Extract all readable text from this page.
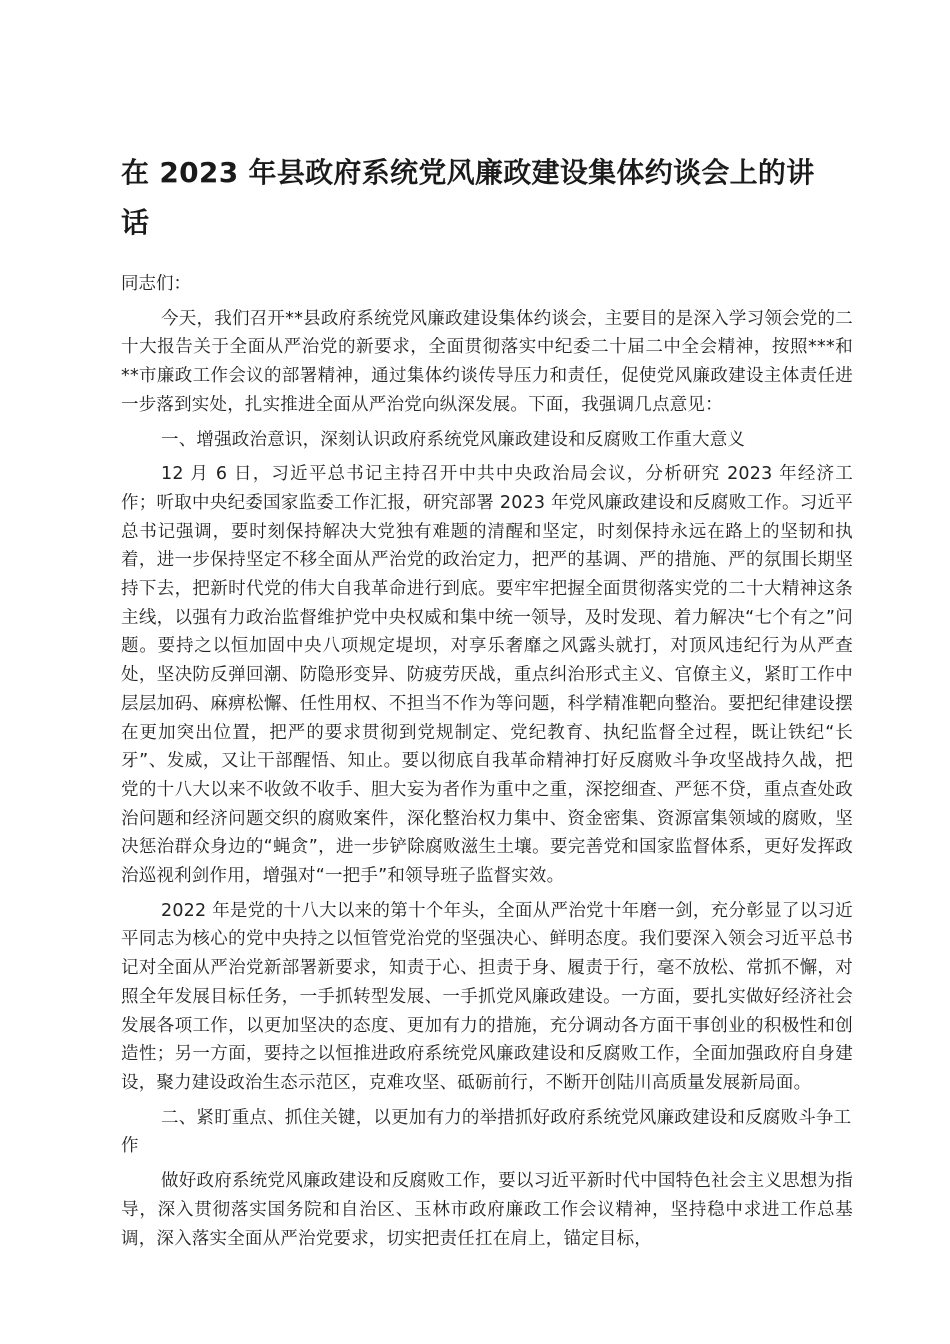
在 2023 年县政府系统党风廉政建设集体约谈会上的讲话

同志们：

今天，我们召开**县政府系统党风廉政建设集体约谈会，主要目的是深入学习领会党的二十大报告关于全面从严治党的新要求，全面贯彻落实中纪委二十届二中全会精神，按照***和**市廉政工作会议的部署精神，通过集体约谈传导压力和责任，促使党风廉政建设主体责任进一步落到实处，扎实推进全面从严治党向纵深发展。下面，我强调几点意见：

一、增强政治意识，深刻认识政府系统党风廉政建设和反腐败工作重大意义

12 月 6 日，习近平总书记主持召开中共中央政治局会议，分析研究 2023 年经济工作；听取中央纪委国家监委工作汇报，研究部署 2023 年党风廉政建设和反腐败工作。习近平总书记强调，要时刻保持解决大党独有难题的清醒和坚定，时刻保持永远在路上的坚韧和执着，进一步保持坚定不移全面从严治党的政治定力，把严的基调、严的措施、严的氛围长期坚持下去，把新时代党的伟大自我革命进行到底。要牢牢把握全面贯彻落实党的二十大精神这条主线，以强有力政治监督维护党中央权威和集中统一领导，及时发现、着力解决“七个有之”问题。要持之以恒加固中央八项规定堤坝，对享乐奢靡之风露头就打，对顶风违纪行为从严查处，坚决防反弹回潮、防隐形变异、防疲劳厌战，重点纠治形式主义、官僚主义，紧盯工作中层层加码、麻痹松懈、任性用权、不担当不作为等问题，科学精准靶向整治。要把纪律建设摆在更加突出位置，把严的要求贯彻到党规制定、党纪教育、执纪监督全过程，既让铁纪“长牙”、发威，又让干部醒悟、知止。要以彻底自我革命精神打好反腐败斗争攻坚战持久战，把党的十八大以来不收敛不收手、胆大妄为者作为重中之重，深挖细查、严惩不贷，重点查处政治问题和经济问题交织的腐败案件，深化整治权力集中、资金密集、资源富集领域的腐败，坚决惩治群众身边的“蝇贪”，进一步铲除腐败滋生土壤。要完善党和国家监督体系，更好发挥政治巡视利剑作用，增强对“一把手”和领导班子监督实效。

2022 年是党的十八大以来的第十个年头，全面从严治党十年磨一剑，充分彰显了以习近平同志为核心的党中央持之以恒管党治党的坚强决心、鲜明态度。我们要深入领会习近平总书记对全面从严治党新部署新要求，知责于心、担责于身、履责于行，毫不放松、常抓不懈，对照全年发展目标任务，一手抓转型发展、一手抓党风廉政建设。一方面，要扎实做好经济社会发展各项工作，以更加坚决的态度、更加有力的措施，充分调动各方面干事创业的积极性和创造性；另一方面，要持之以恒推进政府系统党风廉政建设和反腐败工作，全面加强政府自身建设，聚力建设政治生态示范区，克难攻坚、砥砺前行，不断开创陆川高质量发展新局面。

二、紧盯重点、抓住关键，以更加有力的举措抓好政府系统党风廉政建设和反腐败斗争工作

做好政府系统党风廉政建设和反腐败工作，要以习近平新时代中国特色社会主义思想为指导，深入贯彻落实国务院和自治区、玉林市政府廉政工作会议精神，坚持稳中求进工作总基调，深入落实全面从严治党要求，切实把责任扛在肩上，锚定目标，
